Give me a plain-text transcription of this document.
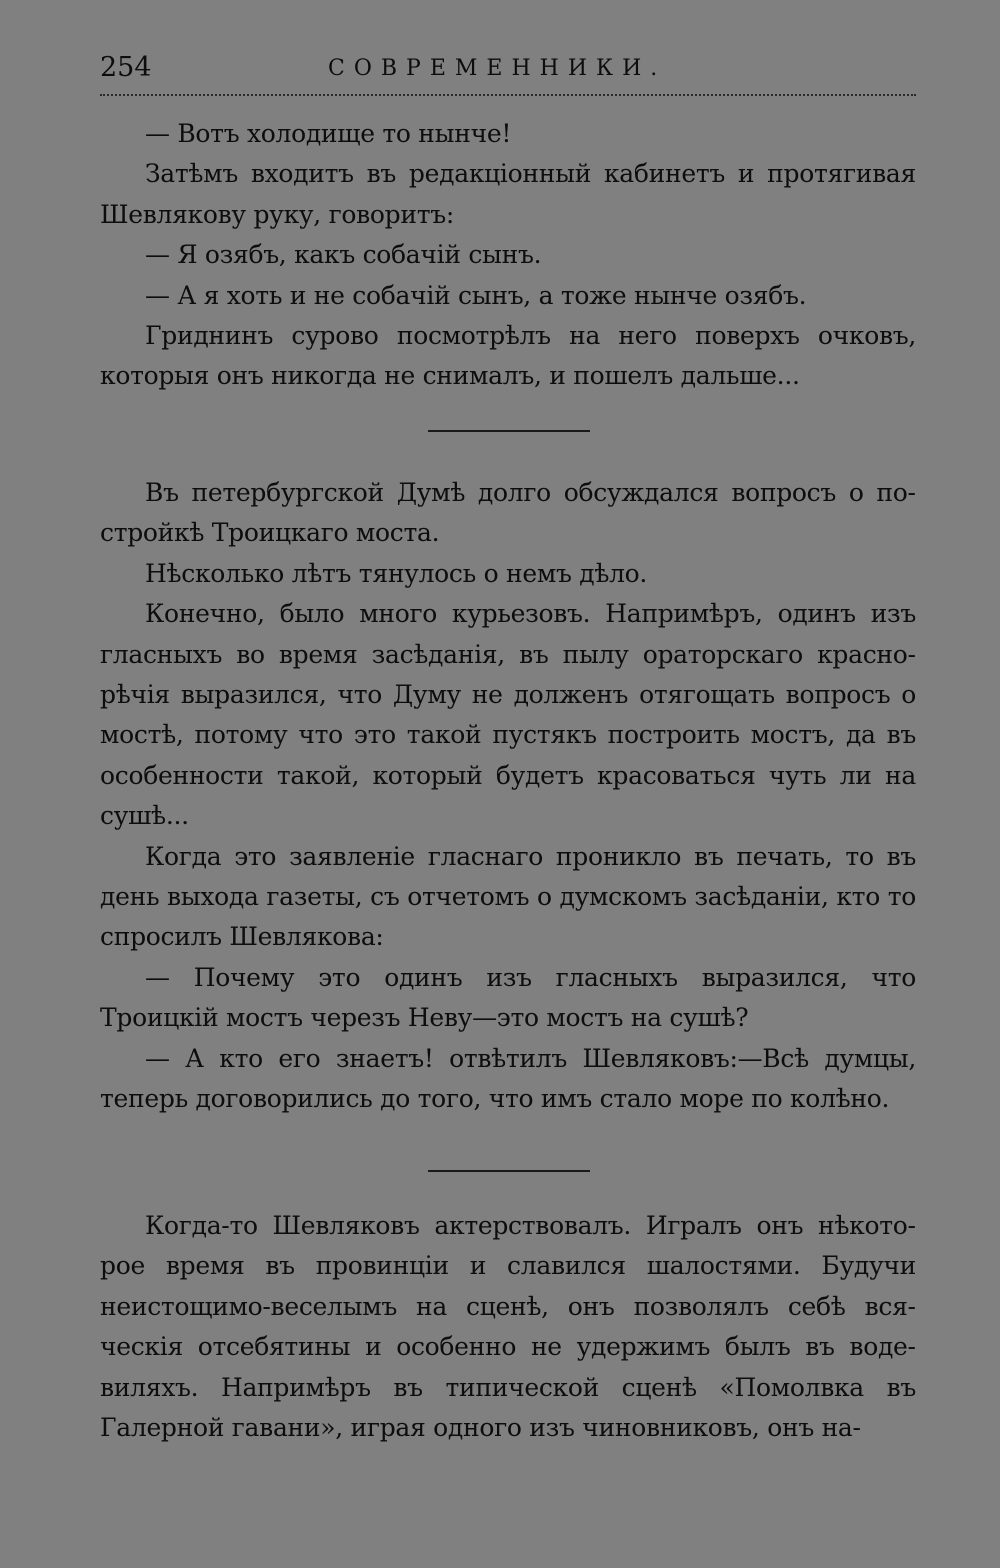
254	СОВРЕМЕННИКИ.

— Вотъ холодище то нынче!

Затѣмъ входитъ въ редакціонный кабинетъ и протягивая Шевлякову руку, говоритъ:

— Я озябъ, какъ собачій сынъ.

— А я хоть и не собачій сынъ, а тоже нынче озябъ.

Гриднинъ сурово посмотрѣлъ на него поверхъ очковъ, которыя онъ никогда не снималъ, и пошелъ дальше...

Въ петербургской Думѣ долго обсуждался вопросъ о постройкѣ Троицкаго моста.

Нѣсколько лѣтъ тянулось о немъ дѣло.

Конечно, было много курьезовъ. Напримѣръ, одинъ изъ гласныхъ во время засѣданія, въ пылу ораторскаго краснорѣчія выразился, что Думу не долженъ отягощать вопросъ о мостѣ, потому что это такой пустякъ построить мостъ, да въ особенности такой, который будетъ красоваться чуть ли на сушѣ...

Когда это заявленіе гласнаго проникло въ печать, то въ день выхода газеты, съ отчетомъ о думскомъ засѣданіи, кто то спросилъ Шевлякова:

— Почему это одинъ изъ гласныхъ выразился, что Троицкій мостъ черезъ Неву—это мостъ на сушѣ?

— А кто его знаетъ! отвѣтилъ Шевляковъ:—Всѣ думцы, теперь договорились до того, что имъ стало море по колѣно.

Когда-то Шевляковъ актерствовалъ. Игралъ онъ нѣкоторое время въ провинціи и славился шалостями. Будучи неистощимо-веселымъ на сценѣ, онъ позволялъ себѣ всяческія отсебятины и особенно не удержимъ былъ въ водевиляхъ. Напримѣръ въ типической сценѣ «Помолвка въ Галерной гавани», играя одного изъ чиновниковъ, онъ на-
